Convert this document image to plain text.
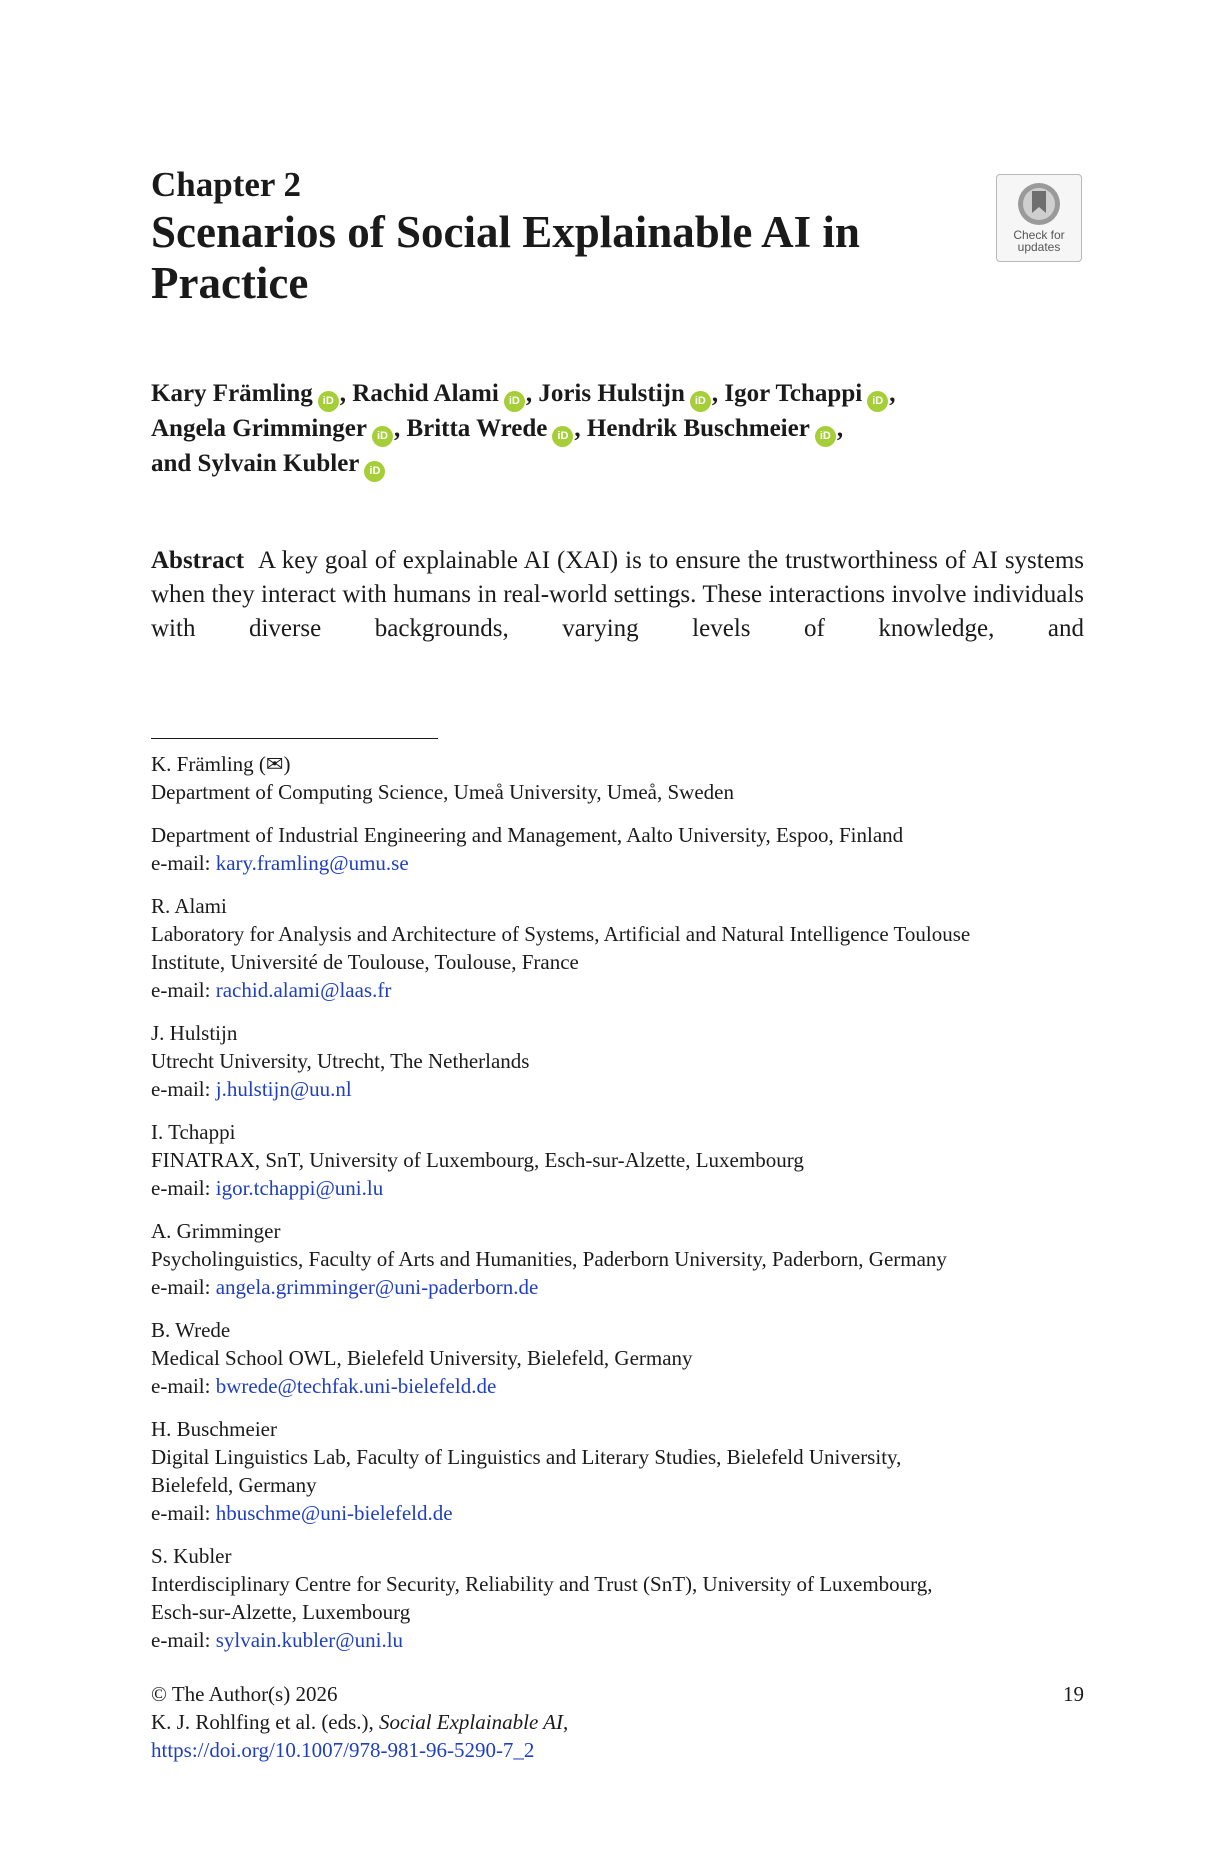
Chapter 2
Scenarios of Social Explainable AI in Practice
Check for
updates
Kary Främling iD , Rachid Alami iD , Joris Hulstijn iD , Igor Tchappi iD ,
Angela Grimminger iD , Britta Wrede iD , Hendrik Buschmeier iD ,
and Sylvain Kubler iD
Abstract A key goal of explainable AI (XAI) is to ensure the trustworthiness of AI systems when they interact with humans in real-world settings. These interactions involve individuals with diverse backgrounds, varying levels of knowledge, and
K. Främling (✉)
Department of Computing Science, Umeå University, Umeå, Sweden
Department of Industrial Engineering and Management, Aalto University, Espoo, Finland
e-mail: kary.framling@umu.se
R. Alami
Laboratory for Analysis and Architecture of Systems, Artificial and Natural Intelligence Toulouse
Institute, Université de Toulouse, Toulouse, France
e-mail: rachid.alami@laas.fr
J. Hulstijn
Utrecht University, Utrecht, The Netherlands
e-mail: j.hulstijn@uu.nl
I. Tchappi
FINATRAX, SnT, University of Luxembourg, Esch-sur-Alzette, Luxembourg
e-mail: igor.tchappi@uni.lu
A. Grimminger
Psycholinguistics, Faculty of Arts and Humanities, Paderborn University, Paderborn, Germany
e-mail: angela.grimminger@uni-paderborn.de
B. Wrede
Medical School OWL, Bielefeld University, Bielefeld, Germany
e-mail: bwrede@techfak.uni-bielefeld.de
H. Buschmeier
Digital Linguistics Lab, Faculty of Linguistics and Literary Studies, Bielefeld University,
Bielefeld, Germany
e-mail: hbuschme@uni-bielefeld.de
S. Kubler
Interdisciplinary Centre for Security, Reliability and Trust (SnT), University of Luxembourg,
Esch-sur-Alzette, Luxembourg
e-mail: sylvain.kubler@uni.lu
© The Author(s) 2026
K. J. Rohlfing et al. (eds.), Social Explainable AI,
https://doi.org/10.1007/978-981-96-5290-7_2
19
